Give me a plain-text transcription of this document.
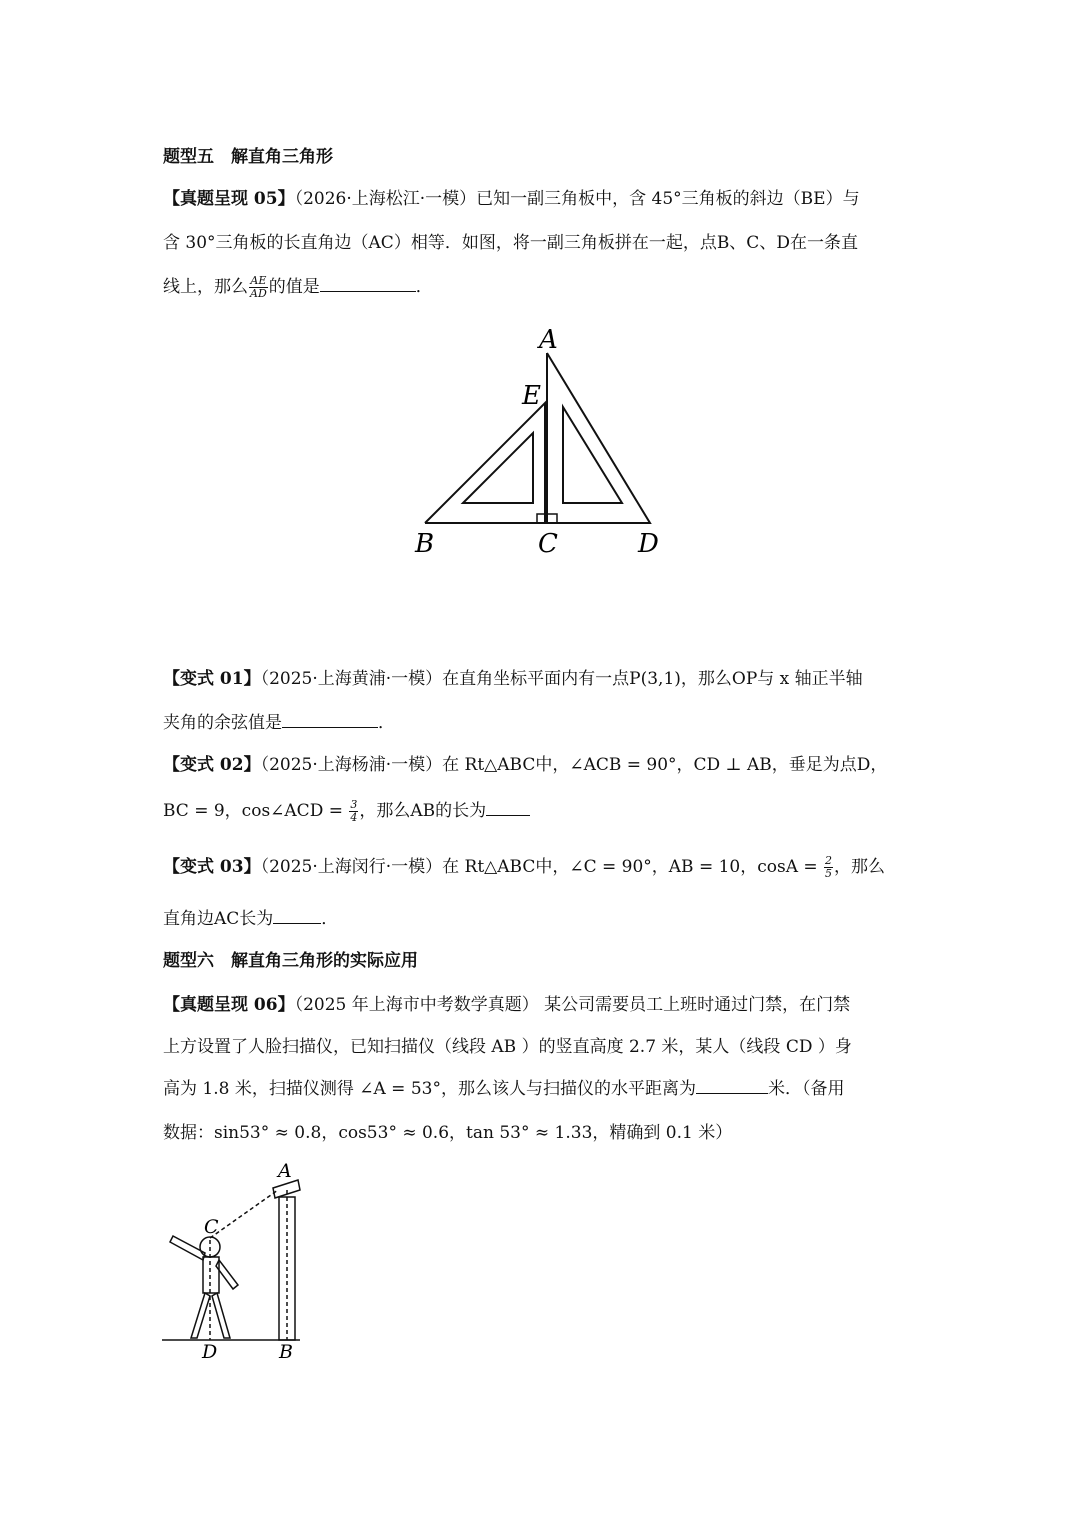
题型五　解直角三角形
【真题呈现 05】（2026·上海松江·一模）已知一副三角板中，含 45°三角板的斜边（BE）与
含 30°三角板的长直角边（AC）相等．如图，将一副三角板拼在一起，点B、C、D在一条直
线上，那么 $\frac{AE}{AD}$ 的值是	．
A
E
B	C	D
【变式 01】（2025·上海黄浦·一模）在直角坐标平面内有一点P(3,1)，那么OP与 x 轴正半轴
夹角的余弦值是	．
【变式 02】（2025·上海杨浦·一模）在 Rt△ABC中，∠ACB = 90°，CD ⊥ AB，垂足为点D，
BC = 9，cos∠ACD = $\frac{3}{4}$ ，那么AB的长为
【变式 03】（2025·上海闵行·一模）在 Rt△ABC中，∠C = 90°，AB = 10，$\cos A = \frac{2}{5}$ ，那么
直角边AC长为	．
题型六　解直角三角形的实际应用
【真题呈现 06】（2025 年上海市中考数学真题） 某公司需要员工上班时通过门禁，在门禁
上方设置了人脸扫描仪，已知扫描仪（线段 AB ）的竖直高度 2.7 米，某人（线段 CD ）身
高为 1.8 米，扫描仪测得 ∠A = 53°，那么该人与扫描仪的水平距离为	米．（备用
数据：sin53° ≈ 0.8，cos53° ≈ 0.6，tan 53° ≈ 1.33，精确到 0.1 米）
A
C
D	B
